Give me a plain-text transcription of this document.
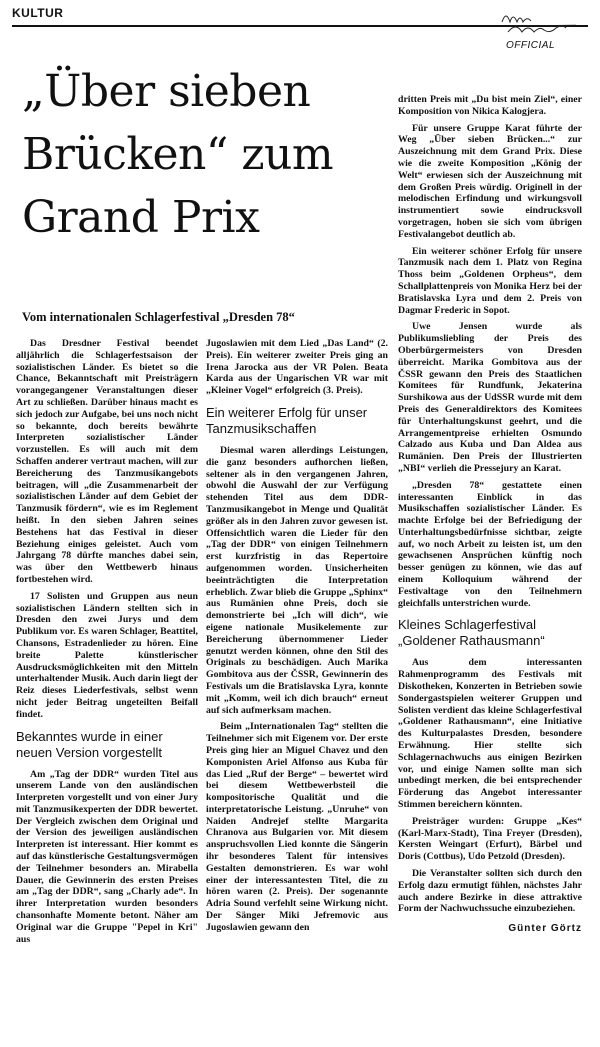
KULTUR
OFFICIAL
„Über sieben
Brücken“ zum
Grand Prix
Vom internationalen Schlagerfestival „Dresden 78“

Das Dresdner Festival beendet alljährlich die Schlagerfestsaison der sozialistischen Länder. Es bietet so die Chance, Bekanntschaft mit Preisträgern vorangegangener Veranstaltungen dieser Art zu schließen. Darüber hinaus macht es sich jedoch zur Aufgabe, bei uns noch nicht so bekannte, doch bereits bewährte Interpreten sozialistischer Länder vorzustellen. Es will auch mit dem Schaffen anderer vertraut machen, will zur Bereicherung des Tanzmusikangebots beitragen, will „die Zusammenarbeit der sozialistischen Länder auf dem Gebiet der Tanzmusik fördern“, wie es im Reglement heißt. In den sieben Jahren seines Bestehens hat das Festival in dieser Beziehung einiges geleistet. Auch vom Jahrgang 78 dürfte manches dabei sein, was über den Wettbewerb hinaus fortbestehen wird.

17 Solisten und Gruppen aus neun sozialistischen Ländern stellten sich in Dresden den zwei Jurys und dem Publikum vor. Es waren Schlager, Beattitel, Chansons, Estradenlieder zu hören. Eine breite Palette künstlerischer Ausdrucksmöglichkeiten mit den Mitteln unterhaltender Musik. Auch darin liegt der Reiz dieses Liederfestivals, selbst wenn nicht jeder Beitrag ungeteilten Beifall findet.

Bekanntes wurde in einer neuen Version vorgestellt

Am „Tag der DDR“ wurden Titel aus unserem Lande von den ausländischen Interpreten vorgestellt und von einer Jury mit Tanzmusikexperten der DDR bewertet. Der Vergleich zwischen dem Original und der Version des jeweiligen ausländischen Interpreten ist interessant. Hier kommt es auf das künstlerische Gestaltungsvermögen der Teilnehmer besonders an. Mirabella Dauer, die Gewinnerin des ersten Preises am „Tag der DDR“, sang „Charly ade“. In ihrer Interpretation wurden besonders chansonhafte Momente betont. Näher am Original war die Gruppe "Pepel in Kri" aus

Jugoslawien mit dem Lied „Das Land“ (2. Preis). Ein weiterer zweiter Preis ging an Irena Jarocka aus der VR Polen. Beata Karda aus der Ungarischen VR war mit „Kleiner Vogel“ erfolgreich (3. Preis).

Ein weiterer Erfolg für unser Tanzmusikschaffen

Diesmal waren allerdings Leistungen, die ganz besonders aufhorchen ließen, seltener als in den vergangenen Jahren, obwohl die Auswahl der zur Verfügung stehenden Titel aus dem DDR-Tanzmusikangebot in Menge und Qualität größer als in den Jahren zuvor gewesen ist. Offensichtlich waren die Lieder für den „Tag der DDR“ von einigen Teilnehmern erst kurzfristig in das Repertoire aufgenommen worden. Unsicherheiten beeinträchtigten die Interpretation erheblich. Zwar blieb die Gruppe „Sphinx“ aus Rumänien ohne Preis, doch sie demonstrierte bei „Ich will dich“, wie eigene nationale Musikelemente zur Bereicherung übernommener Lieder genutzt werden können, ohne den Stil des Originals zu beschädigen. Auch Marika Gombitova aus der ČSSR, Gewinnerin des Festivals um die Bratislavska Lyra, konnte mit „Komm, weil ich dich brauch“ erneut auf sich aufmerksam machen.

Beim „Internationalen Tag“ stellten die Teilnehmer sich mit Eigenem vor. Der erste Preis ging hier an Miguel Chavez und den Komponisten Ariel Alfonso aus Kuba für das Lied „Ruf der Berge“ – bewertet wird bei diesem Wettbewerbsteil die kompositorische Qualität und die interpretatorische Leistung. „Unruhe“ von Naiden Andrejef stellte Margarita Chranova aus Bulgarien vor. Mit diesem anspruchsvollen Lied konnte die Sängerin ihr besonderes Talent für intensives Gestalten demonstrieren. Es war wohl einer der interessantesten Titel, die zu hören waren (2. Preis). Der sogenannte Adria Sound verfehlt seine Wirkung nicht. Der Sänger Miki Jefremovic aus Jugoslawien gewann den

dritten Preis mit „Du bist mein Ziel“, einer Komposition von Nikica Kalogjera.

Für unsere Gruppe Karat führte der Weg „Über sieben Brücken...“ zur Auszeichnung mit dem Grand Prix. Diese wie die zweite Komposition „König der Welt“ erwiesen sich der Auszeichnung mit dem Großen Preis würdig. Originell in der melodischen Erfindung und wirkungsvoll instrumentiert sowie eindrucksvoll vorgetragen, hoben sie sich vom übrigen Festivalangebot deutlich ab.

Ein weiterer schöner Erfolg für unsere Tanzmusik nach dem 1. Platz von Regina Thoss beim „Goldenen Orpheus“, dem Schallplattenpreis von Monika Herz bei der Bratislavska Lyra und dem 2. Preis von Dagmar Frederic in Sopot.

Uwe Jensen wurde als Publikumsliebling der Preis des Oberbürgermeisters von Dresden überreicht. Marika Gombitova aus der ČSSR gewann den Preis des Staatlichen Komitees für Rundfunk, Jekaterina Surshikowa aus der UdSSR wurde mit dem Preis des Generaldirektors des Komitees für Unterhaltungskunst geehrt, und die Arrangementpreise erhielten Osmundo Calzado aus Kuba und Dan Aldea aus Rumänien. Den Preis der Illustrierten „NBI“ verlieh die Pressejury an Karat.

„Dresden 78“ gestattete einen interessanten Einblick in das Musikschaffen sozialistischer Länder. Es machte Erfolge bei der Befriedigung der Unterhaltungsbedürfnisse sichtbar, zeigte auf, wo noch Arbeit zu leisten ist, um den gewachsenen Ansprüchen künftig noch besser genügen zu können, wie das auf einem Kolloquium während der Festivaltage von den Teilnehmern gleichfalls unterstrichen wurde.

Kleines Schlagerfestival „Goldener Rathausmann“

Aus dem interessanten Rahmenprogramm des Festivals mit Diskotheken, Konzerten in Betrieben sowie Sondergastspielen weiterer Gruppen und Solisten verdient das kleine Schlagerfestival „Goldener Rathausmann“, eine Initiative des Kulturpalastes Dresden, besondere Erwähnung. Hier stellte sich Schlagernachwuchs aus einigen Bezirken vor, und einige Namen sollte man sich unbedingt merken, die bei entsprechender Förderung das Angebot interessanter Stimmen bereichern könnten.

Preisträger wurden: Gruppe „Kes“ (Karl-Marx-Stadt), Tina Freyer (Dresden), Kersten Weingart (Erfurt), Bärbel und Doris (Cottbus), Udo Petzold (Dresden).

Die Veranstalter sollten sich durch den Erfolg dazu ermutigt fühlen, nächstes Jahr auch andere Bezirke in diese attraktive Form der Nachwuchssuche einzubeziehen.

Günter Görtz
